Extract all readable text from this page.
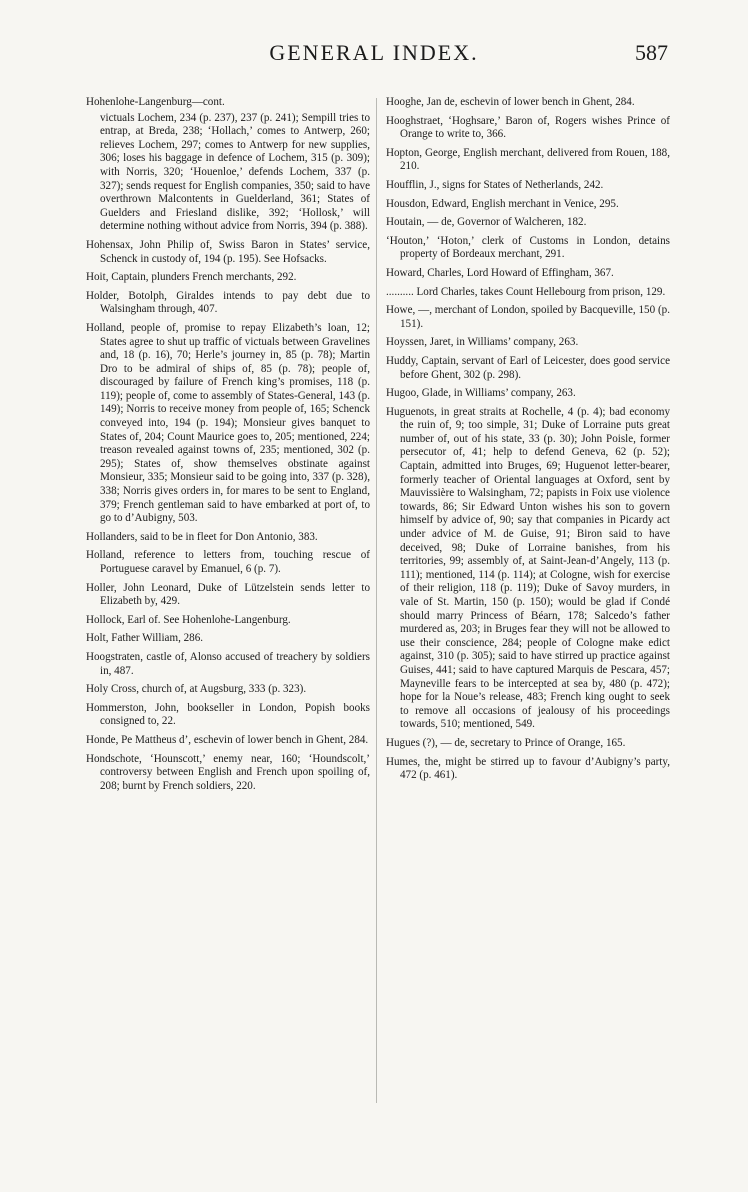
GENERAL INDEX.	587

Hohenlohe-Langenburg—cont.

victuals Lochem, 234 (p. 237), 237 (p. 241); Sempill tries to entrap, at Breda, 238; ‘Hollach,’ comes to Antwerp, 260; relieves Lochem, 297; comes to Antwerp for new supplies, 306; loses his baggage in defence of Lochem, 315 (p. 309); with Norris, 320; ‘Houenloe,’ defends Lochem, 337 (p. 327); sends request for English companies, 350; said to have overthrown Malcontents in Guelderland, 361; States of Guelders and Friesland dislike, 392; ‘Hollosk,’ will determine nothing without advice from Norris, 394 (p. 388).

Hohensax, John Philip of, Swiss Baron in States’ service, Schenck in custody of, 194 (p. 195). See Hofsacks.

Hoit, Captain, plunders French merchants, 292.

Holder, Botolph, Giraldes intends to pay debt due to Walsingham through, 407.

Holland, people of, promise to repay Elizabeth’s loan, 12; States agree to shut up traffic of victuals between Gravelines and, 18 (p. 16), 70; Herle’s journey in, 85 (p. 78); Martin Dro to be admiral of ships of, 85 (p. 78); people of, discouraged by failure of French king’s promises, 118 (p. 119); people of, come to assembly of States-General, 143 (p. 149); Norris to receive money from people of, 165; Schenck conveyed into, 194 (p. 194); Monsieur gives banquet to States of, 204; Count Maurice goes to, 205; mentioned, 224; treason revealed against towns of, 235; mentioned, 302 (p. 295); States of, show themselves obstinate against Monsieur, 335; Monsieur said to be going into, 337 (p. 328), 338; Norris gives orders in, for mares to be sent to England, 379; French gentleman said to have embarked at port of, to go to d’Aubigny, 503.

Hollanders, said to be in fleet for Don Antonio, 383.

Holland, reference to letters from, touching rescue of Portuguese caravel by Emanuel, 6 (p. 7).

Holler, John Leonard, Duke of Lützelstein sends letter to Elizabeth by, 429.

Hollock, Earl of. See Hohenlohe-Langenburg.

Holt, Father William, 286.

Hoogstraten, castle of, Alonso accused of treachery by soldiers in, 487.

Holy Cross, church of, at Augsburg, 333 (p. 323).

Hommerston, John, bookseller in London, Popish books consigned to, 22.

Honde, Pe Mattheus d’, eschevin of lower bench in Ghent, 284.

Hondschote, ‘Hounscott,’ enemy near, 160; ‘Houndscolt,’ controversy between English and French upon spoiling of, 208; burnt by French soldiers, 220.

Hooghe, Jan de, eschevin of lower bench in Ghent, 284.

Hooghstraet, ‘Hoghsare,’ Baron of, Rogers wishes Prince of Orange to write to, 366.

Hopton, George, English merchant, delivered from Rouen, 188, 210.

Houfflin, J., signs for States of Netherlands, 242.

Housdon, Edward, English merchant in Venice, 295.

Houtain, — de, Governor of Walcheren, 182.

‘Houton,’ ‘Hoton,’ clerk of Customs in London, detains property of Bordeaux merchant, 291.

Howard, Charles, Lord Howard of Effingham, 367.

.......... Lord Charles, takes Count Hellebourg from prison, 129.

Howe, —, merchant of London, spoiled by Bacqueville, 150 (p. 151).

Hoyssen, Jaret, in Williams’ company, 263.

Huddy, Captain, servant of Earl of Leicester, does good service before Ghent, 302 (p. 298).

Hugoo, Glade, in Williams’ company, 263.

Huguenots, in great straits at Rochelle, 4 (p. 4); bad economy the ruin of, 9; too simple, 31; Duke of Lorraine puts great number of, out of his state, 33 (p. 30); John Poisle, former persecutor of, 41; help to defend Geneva, 62 (p. 52); Captain, admitted into Bruges, 69; Huguenot letter-bearer, formerly teacher of Oriental languages at Oxford, sent by Mauvissière to Walsingham, 72; papists in Foix use violence towards, 86; Sir Edward Unton wishes his son to govern himself by advice of, 90; say that companies in Picardy act under advice of M. de Guise, 91; Biron said to have deceived, 98; Duke of Lorraine banishes, from his territories, 99; assembly of, at Saint-Jean-d’Angely, 113 (p. 111); mentioned, 114 (p. 114); at Cologne, wish for exercise of their religion, 118 (p. 119); Duke of Savoy murders, in vale of St. Martin, 150 (p. 150); would be glad if Condé should marry Princess of Béarn, 178; Salcedo’s father murdered as, 203; in Bruges fear they will not be allowed to use their conscience, 284; people of Cologne make edict against, 310 (p. 305); said to have stirred up practice against Guises, 441; said to have captured Marquis de Pescara, 457; Mayneville fears to be intercepted at sea by, 480 (p. 472); hope for la Noue’s release, 483; French king ought to seek to remove all occasions of jealousy of his proceedings towards, 510; mentioned, 549.

Hugues (?), — de, secretary to Prince of Orange, 165.

Humes, the, might be stirred up to favour d’Aubigny’s party, 472 (p. 461).
